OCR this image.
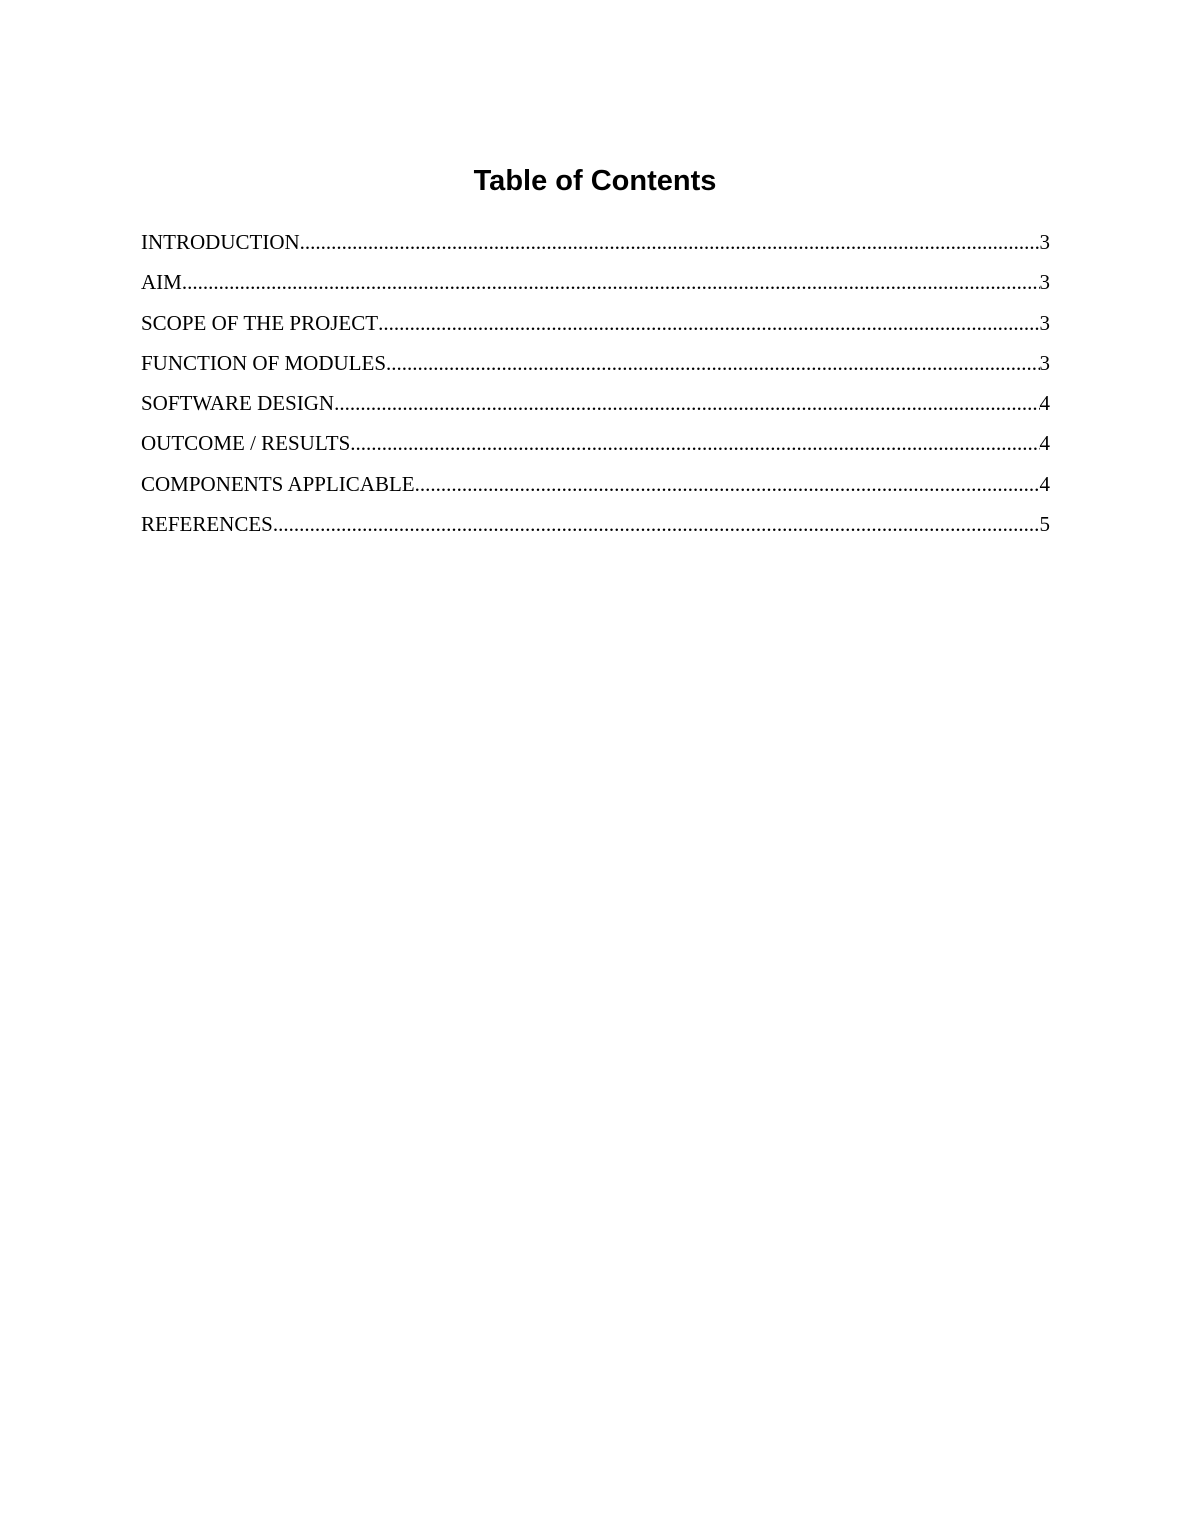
Table of Contents
INTRODUCTION .....	3
AIM .....	3
SCOPE OF THE PROJECT .....	3
FUNCTION OF MODULES .....	3
SOFTWARE DESIGN .....	4
OUTCOME / RESULTS .....	4
COMPONENTS APPLICABLE .....	4
REFERENCES .....	5
